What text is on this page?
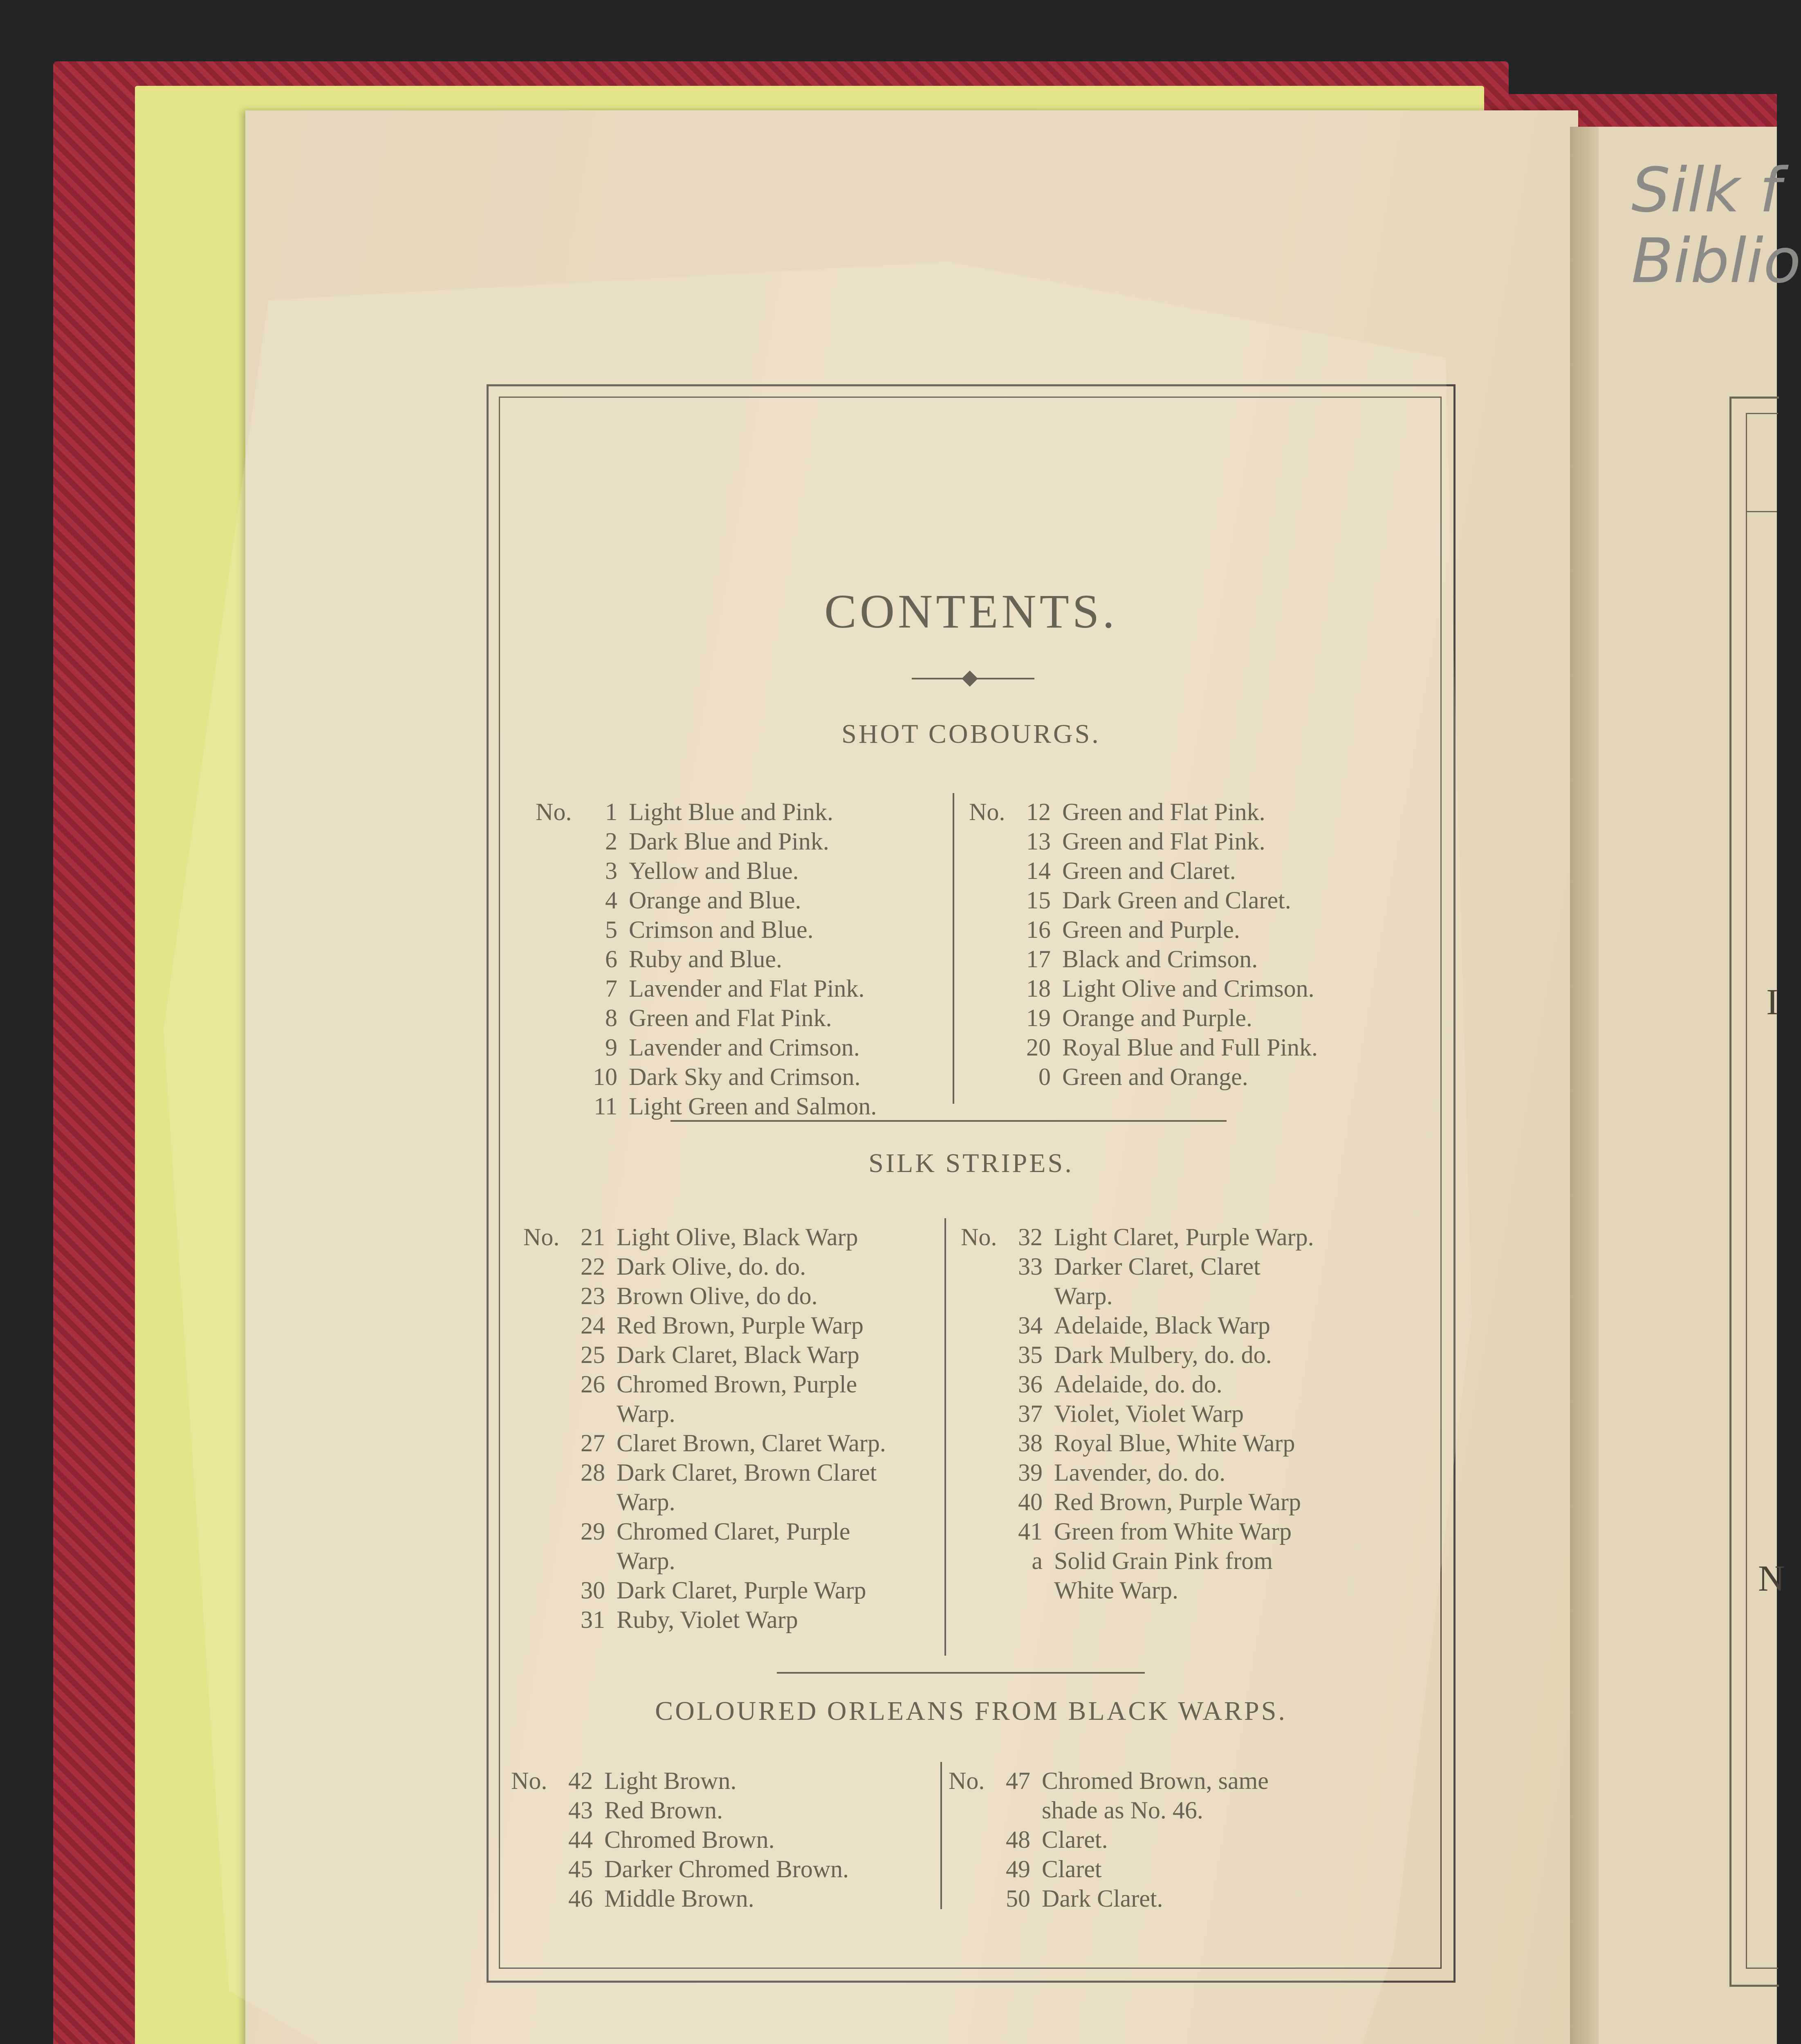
I
N
Silk f
Biblio
CONTENTS.
SHOT COBOURGS.
No.	1 Light Blue and Pink.
2 Dark Blue and Pink.
3 Yellow and Blue.
4 Orange and Blue.
5 Crimson and Blue.
6 Ruby and Blue.
7 Lavender and Flat Pink.
8 Green and Flat Pink.
9 Lavender and Crimson.
10 Dark Sky and Crimson.
11 Light Green and Salmon.
No. 12 Green and Flat Pink.
13 Green and Flat Pink.
14 Green and Claret.
15 Dark Green and Claret.
16 Green and Purple.
17 Black and Crimson.
18 Light Olive and Crimson.
19 Orange and Purple.
20 Royal Blue and Full Pink.
0 Green and Orange.
SILK STRIPES.
No. 21 Light Olive, Black Warp
22 Dark Olive, do. do.
23 Brown Olive, do do.
24 Red Brown, Purple Warp
25 Dark Claret, Black Warp
26 Chromed Brown, Purple
Warp.
27 Claret Brown, Claret Warp.
28 Dark Claret, Brown Claret
Warp.
29 Chromed Claret, Purple
Warp.
30 Dark Claret, Purple Warp
31 Ruby, Violet Warp
No. 32 Light Claret, Purple Warp.
33 Darker Claret, Claret
Warp.
34 Adelaide, Black Warp
35 Dark Mulbery, do. do.
36 Adelaide, do. do.
37 Violet, Violet Warp
38 Royal Blue, White Warp
39 Lavender, do. do.
40 Red Brown, Purple Warp
41 Green from White Warp
a Solid Grain Pink from
White Warp.
COLOURED ORLEANS FROM BLACK WARPS.
No. 42 Light Brown.
43 Red Brown.
44 Chromed Brown.
45 Darker Chromed Brown.
46 Middle Brown.
No. 47 Chromed Brown, same
shade as No. 46.
48 Claret.
49 Claret
50 Dark Claret.
